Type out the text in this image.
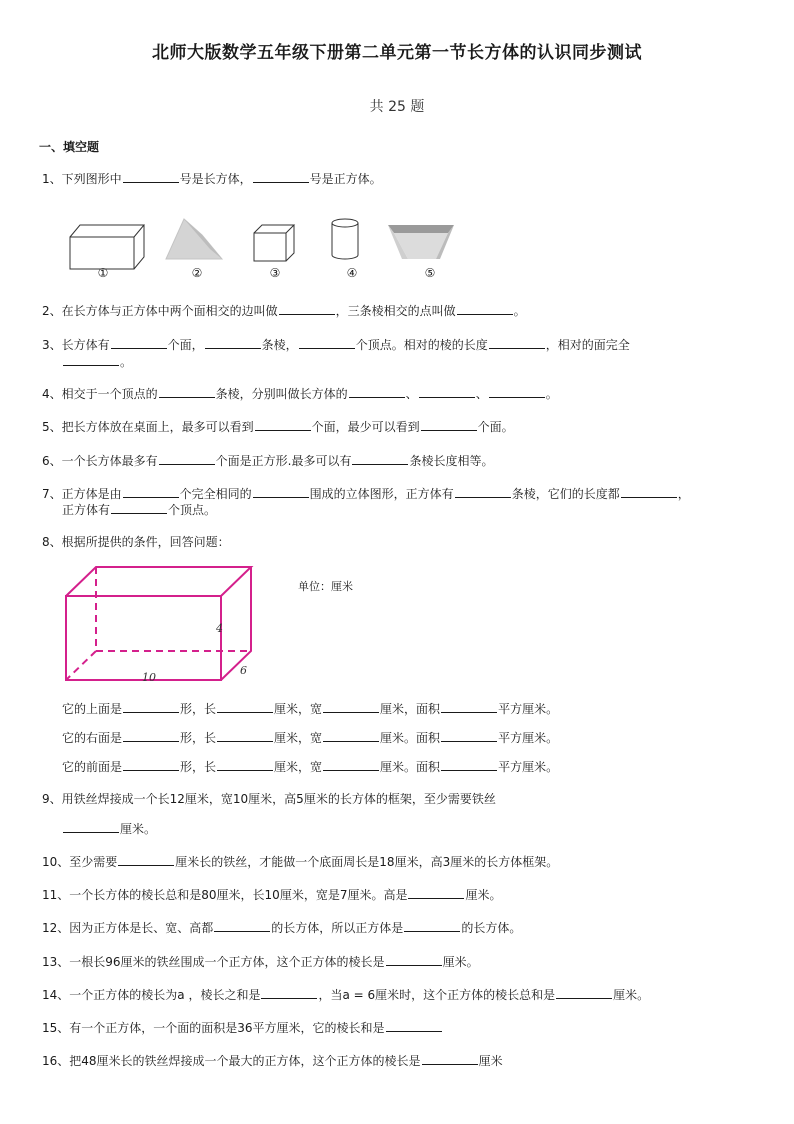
北师大版数学五年级下册第二单元第一节长方体的认识同步测试
共 25 题
一、填空题
1、下列图形中	号是长方体，	号是正方体。
①	②	③	④	⑤
2、在长方体与正方体中两个面相交的边叫做	，三条棱相交的点叫做	。
3、长方体有	个面，	条棱，	个顶点。相对的棱的长度	，相对的面完全
。
4、相交于一个顶点的	条棱，分别叫做长方体的	、	、	。
5、把长方体放在桌面上，最多可以看到	个面，最少可以看到	个面。
6、一个长方体最多有	个面是正方形.最多可以有	条棱长度相等。
7、正方体是由	个完全相同的	围成的立体图形，正方体有	条棱，它们的长度都	，
正方体有	个顶点。
8、根据所提供的条件，回答问题：
4
6
10
单位：厘米
它的上面是	形，长	厘米，宽	厘米，面积	平方厘米。
它的右面是	形，长	厘米，宽	厘米。面积	平方厘米。
它的前面是	形，长	厘米，宽	厘米。面积	平方厘米。
9、用铁丝焊接成一个长12厘米，宽10厘米，高5厘米的长方体的框架，至少需要铁丝
厘米。
10、至少需要	厘米长的铁丝，才能做一个底面周长是18厘米，高3厘米的长方体框架。
11、一个长方体的棱长总和是80厘米，长10厘米，宽是7厘米。高是	厘米。
12、因为正方体是长、宽、高都	的长方体，所以正方体是	的长方体。
13、一根长96厘米的铁丝围成一个正方体，这个正方体的棱长是	厘米。
14、一个正方体的棱长为a ，棱长之和是	，当a = 6厘米时，这个正方体的棱长总和是	厘米。
15、有一个正方体，一个面的面积是36平方厘米，它的棱长和是
16、把48厘米长的铁丝焊接成一个最大的正方体，这个正方体的棱长是	厘米
